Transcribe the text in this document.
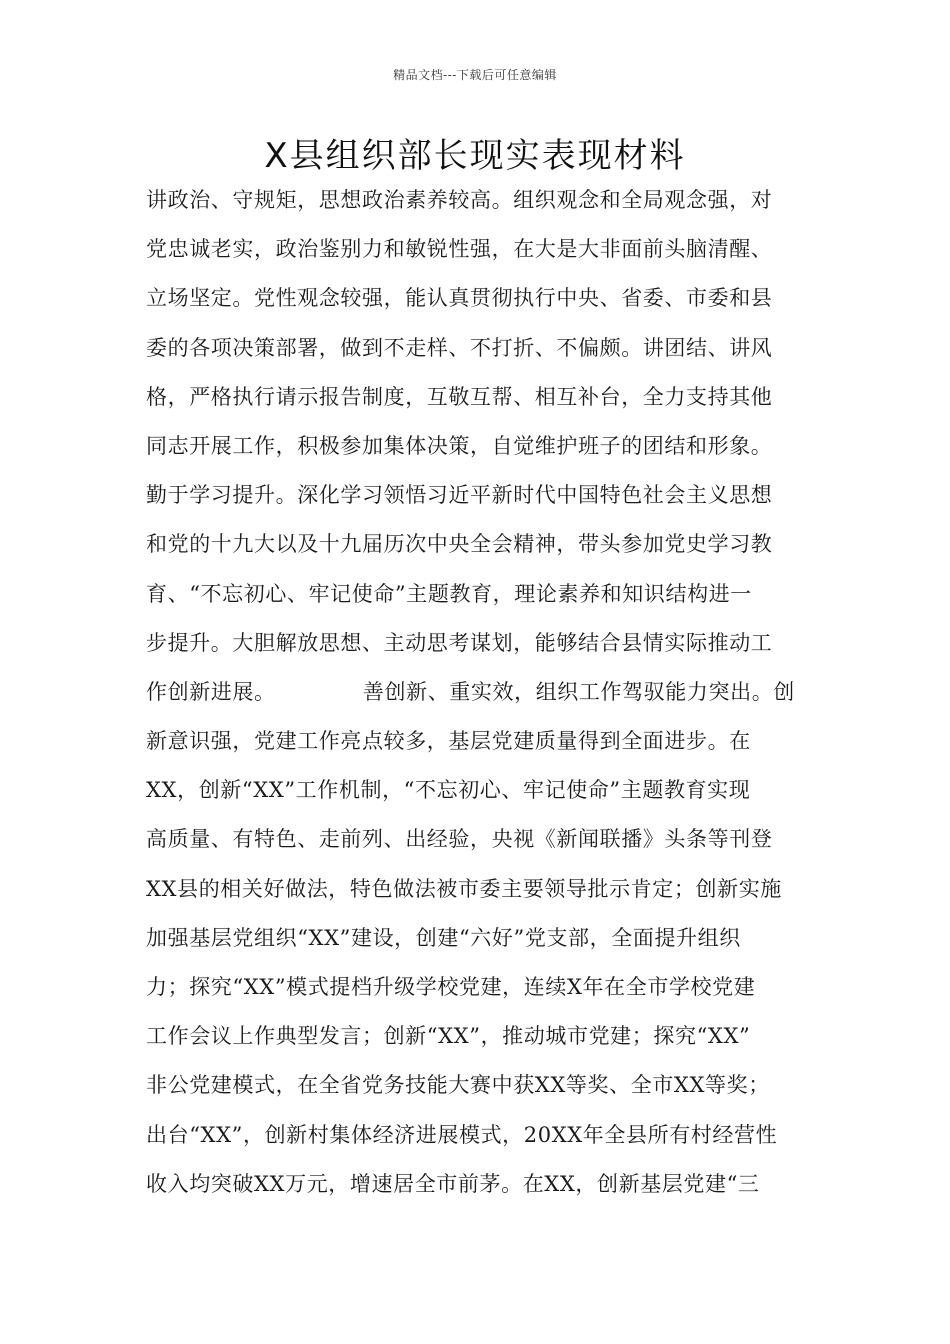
精品文档---下载后可任意编辑
X县组织部长现实表现材料
讲政治、守规矩，思想政治素养较高。组织观念和全局观念强，对
党忠诚老实，政治鉴别力和敏锐性强，在大是大非面前头脑清醒、
立场坚定。党性观念较强，能认真贯彻执行中央、省委、市委和县
委的各项决策部署，做到不走样、不打折、不偏颇。讲团结、讲风
格，严格执行请示报告制度，互敬互帮、相互补台，全力支持其他
同志开展工作，积极参加集体决策，自觉维护班子的团结和形象。
勤于学习提升。深化学习领悟习近平新时代中国特色社会主义思想
和党的十九大以及十九届历次中央全会精神，带头参加党史学习教
育、“不忘初心、牢记使命”主题教育，理论素养和知识结构进一
步提升。大胆解放思想、主动思考谋划，能够结合县情实际推动工
作创新进展。            善创新、重实效，组织工作驾驭能力突出。创
新意识强，党建工作亮点较多，基层党建质量得到全面进步。在
XX，创新“XX”工作机制，“不忘初心、牢记使命”主题教育实现
高质量、有特色、走前列、出经验，央视《新闻联播》头条等刊登
XX县的相关好做法，特色做法被市委主要领导批示肯定；创新实施
加强基层党组织“XX”建设，创建“六好”党支部，全面提升组织
力；探究“XX”模式提档升级学校党建，连续X年在全市学校党建
工作会议上作典型发言；创新“XX”，推动城市党建；探究“XX”
非公党建模式，在全省党务技能大赛中获XX等奖、全市XX等奖；
出台“XX”，创新村集体经济进展模式，20XX年全县所有村经营性
收入均突破XX万元，增速居全市前茅。在XX，创新基层党建“三
